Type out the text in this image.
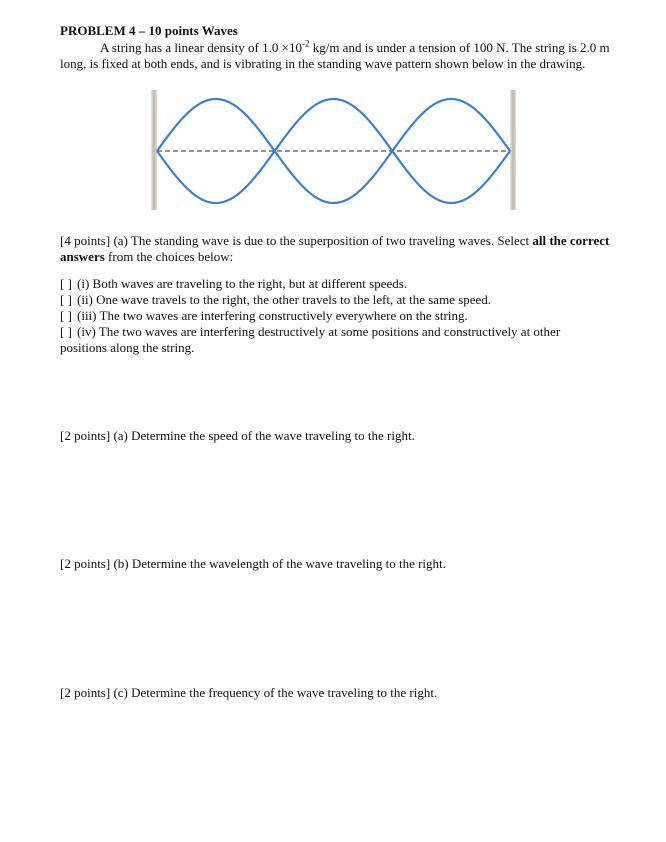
PROBLEM 4 – 10 points Waves
A string has a linear density of $1.0 \times 10^{-2}$ kg/m and is under a tension of 100 N. The string is 2.0 m long, is fixed at both ends, and is vibrating in the standing wave pattern shown below in the drawing.
[4 points] (a) The standing wave is due to the superposition of two traveling waves. Select all the correct answers from the choices below:
[ ] (i) Both waves are traveling to the right, but at different speeds.
[ ] (ii) One wave travels to the right, the other travels to the left, at the same speed.
[ ] (iii) The two waves are interfering constructively everywhere on the string.
[ ] (iv) The two waves are interfering destructively at some positions and constructively at other positions along the string.
[2 points] (a) Determine the speed of the wave traveling to the right.
[2 points] (b) Determine the wavelength of the wave traveling to the right.
[2 points] (c) Determine the frequency of the wave traveling to the right.
